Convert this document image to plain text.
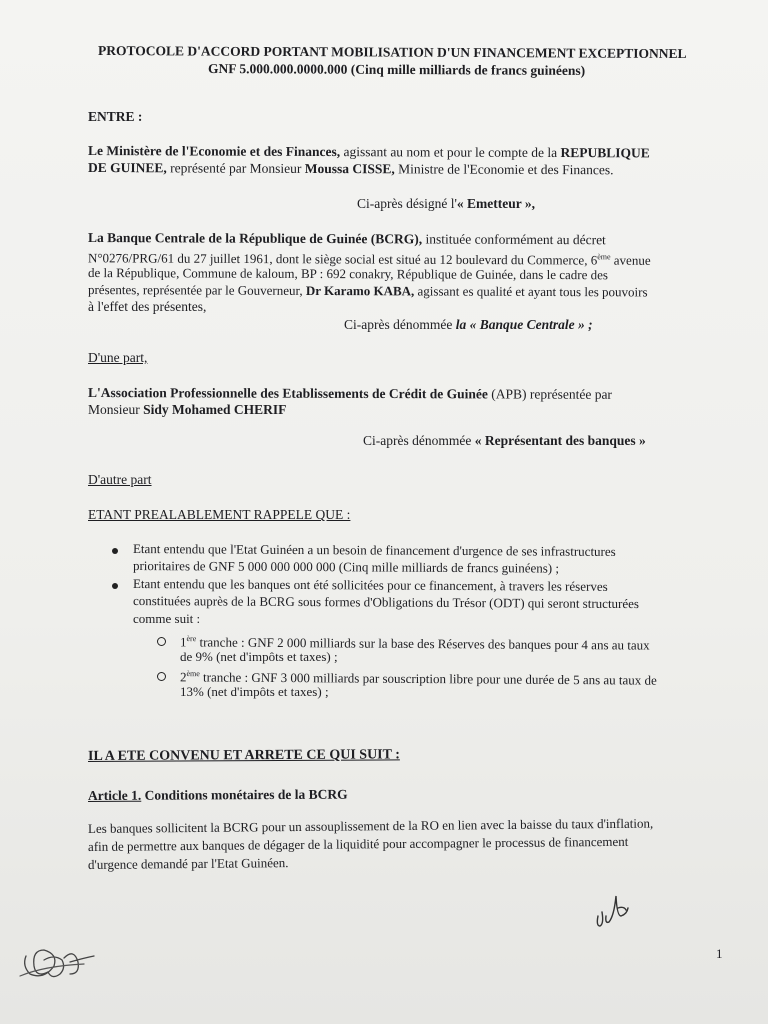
PROTOCOLE D'ACCORD PORTANT MOBILISATION D'UN FINANCEMENT EXCEPTIONNEL
GNF 5.000.000.0000.000 (Cinq mille milliards de francs guinéens)
ENTRE :
Le Ministère de l'Economie et des Finances, agissant au nom et pour le compte de la REPUBLIQUE
DE GUINEE, représenté par Monsieur Moussa CISSE, Ministre de l'Economie et des Finances.
Ci-après désigné l'« Emetteur »,
La Banque Centrale de la République de Guinée (BCRG), instituée conformément au décret
N°0276/PRG/61 du 27 juillet 1961, dont le siège social est situé au 12 boulevard du Commerce, 6ème avenue
de la République, Commune de kaloum, BP : 692 conakry, République de Guinée, dans le cadre des
présentes, représentée par le Gouverneur, Dr Karamo KABA, agissant es qualité et ayant tous les pouvoirs
à l'effet des présentes,
Ci-après dénommée la « Banque Centrale » ;
D'une part,
L'Association Professionnelle des Etablissements de Crédit de Guinée (APB) représentée par
Monsieur Sidy Mohamed CHERIF
Ci-après dénommée « Représentant des banques »
D'autre part
ETANT PREALABLEMENT RAPPELE QUE :
Etant entendu que l'Etat Guinéen a un besoin de financement d'urgence de ses infrastructures
prioritaires de GNF 5 000 000 000 000 (Cinq mille milliards de francs guinéens) ;
Etant entendu que les banques ont été sollicitées pour ce financement, à travers les réserves
constituées auprès de la BCRG sous formes d'Obligations du Trésor (ODT) qui seront structurées
comme suit :
1ère tranche : GNF 2 000 milliards sur la base des Réserves des banques pour 4 ans au taux
de 9% (net d'impôts et taxes) ;
2ème tranche : GNF 3 000 milliards par souscription libre pour une durée de 5 ans au taux de
13% (net d'impôts et taxes) ;
IL A ETE CONVENU ET ARRETE CE QUI SUIT :
Article 1. Conditions monétaires de la BCRG
Les banques sollicitent la BCRG pour un assouplissement de la RO en lien avec la baisse du taux d'inflation,
afin de permettre aux banques de dégager de la liquidité pour accompagner le processus de financement
d'urgence demandé par l'Etat Guinéen.
1
